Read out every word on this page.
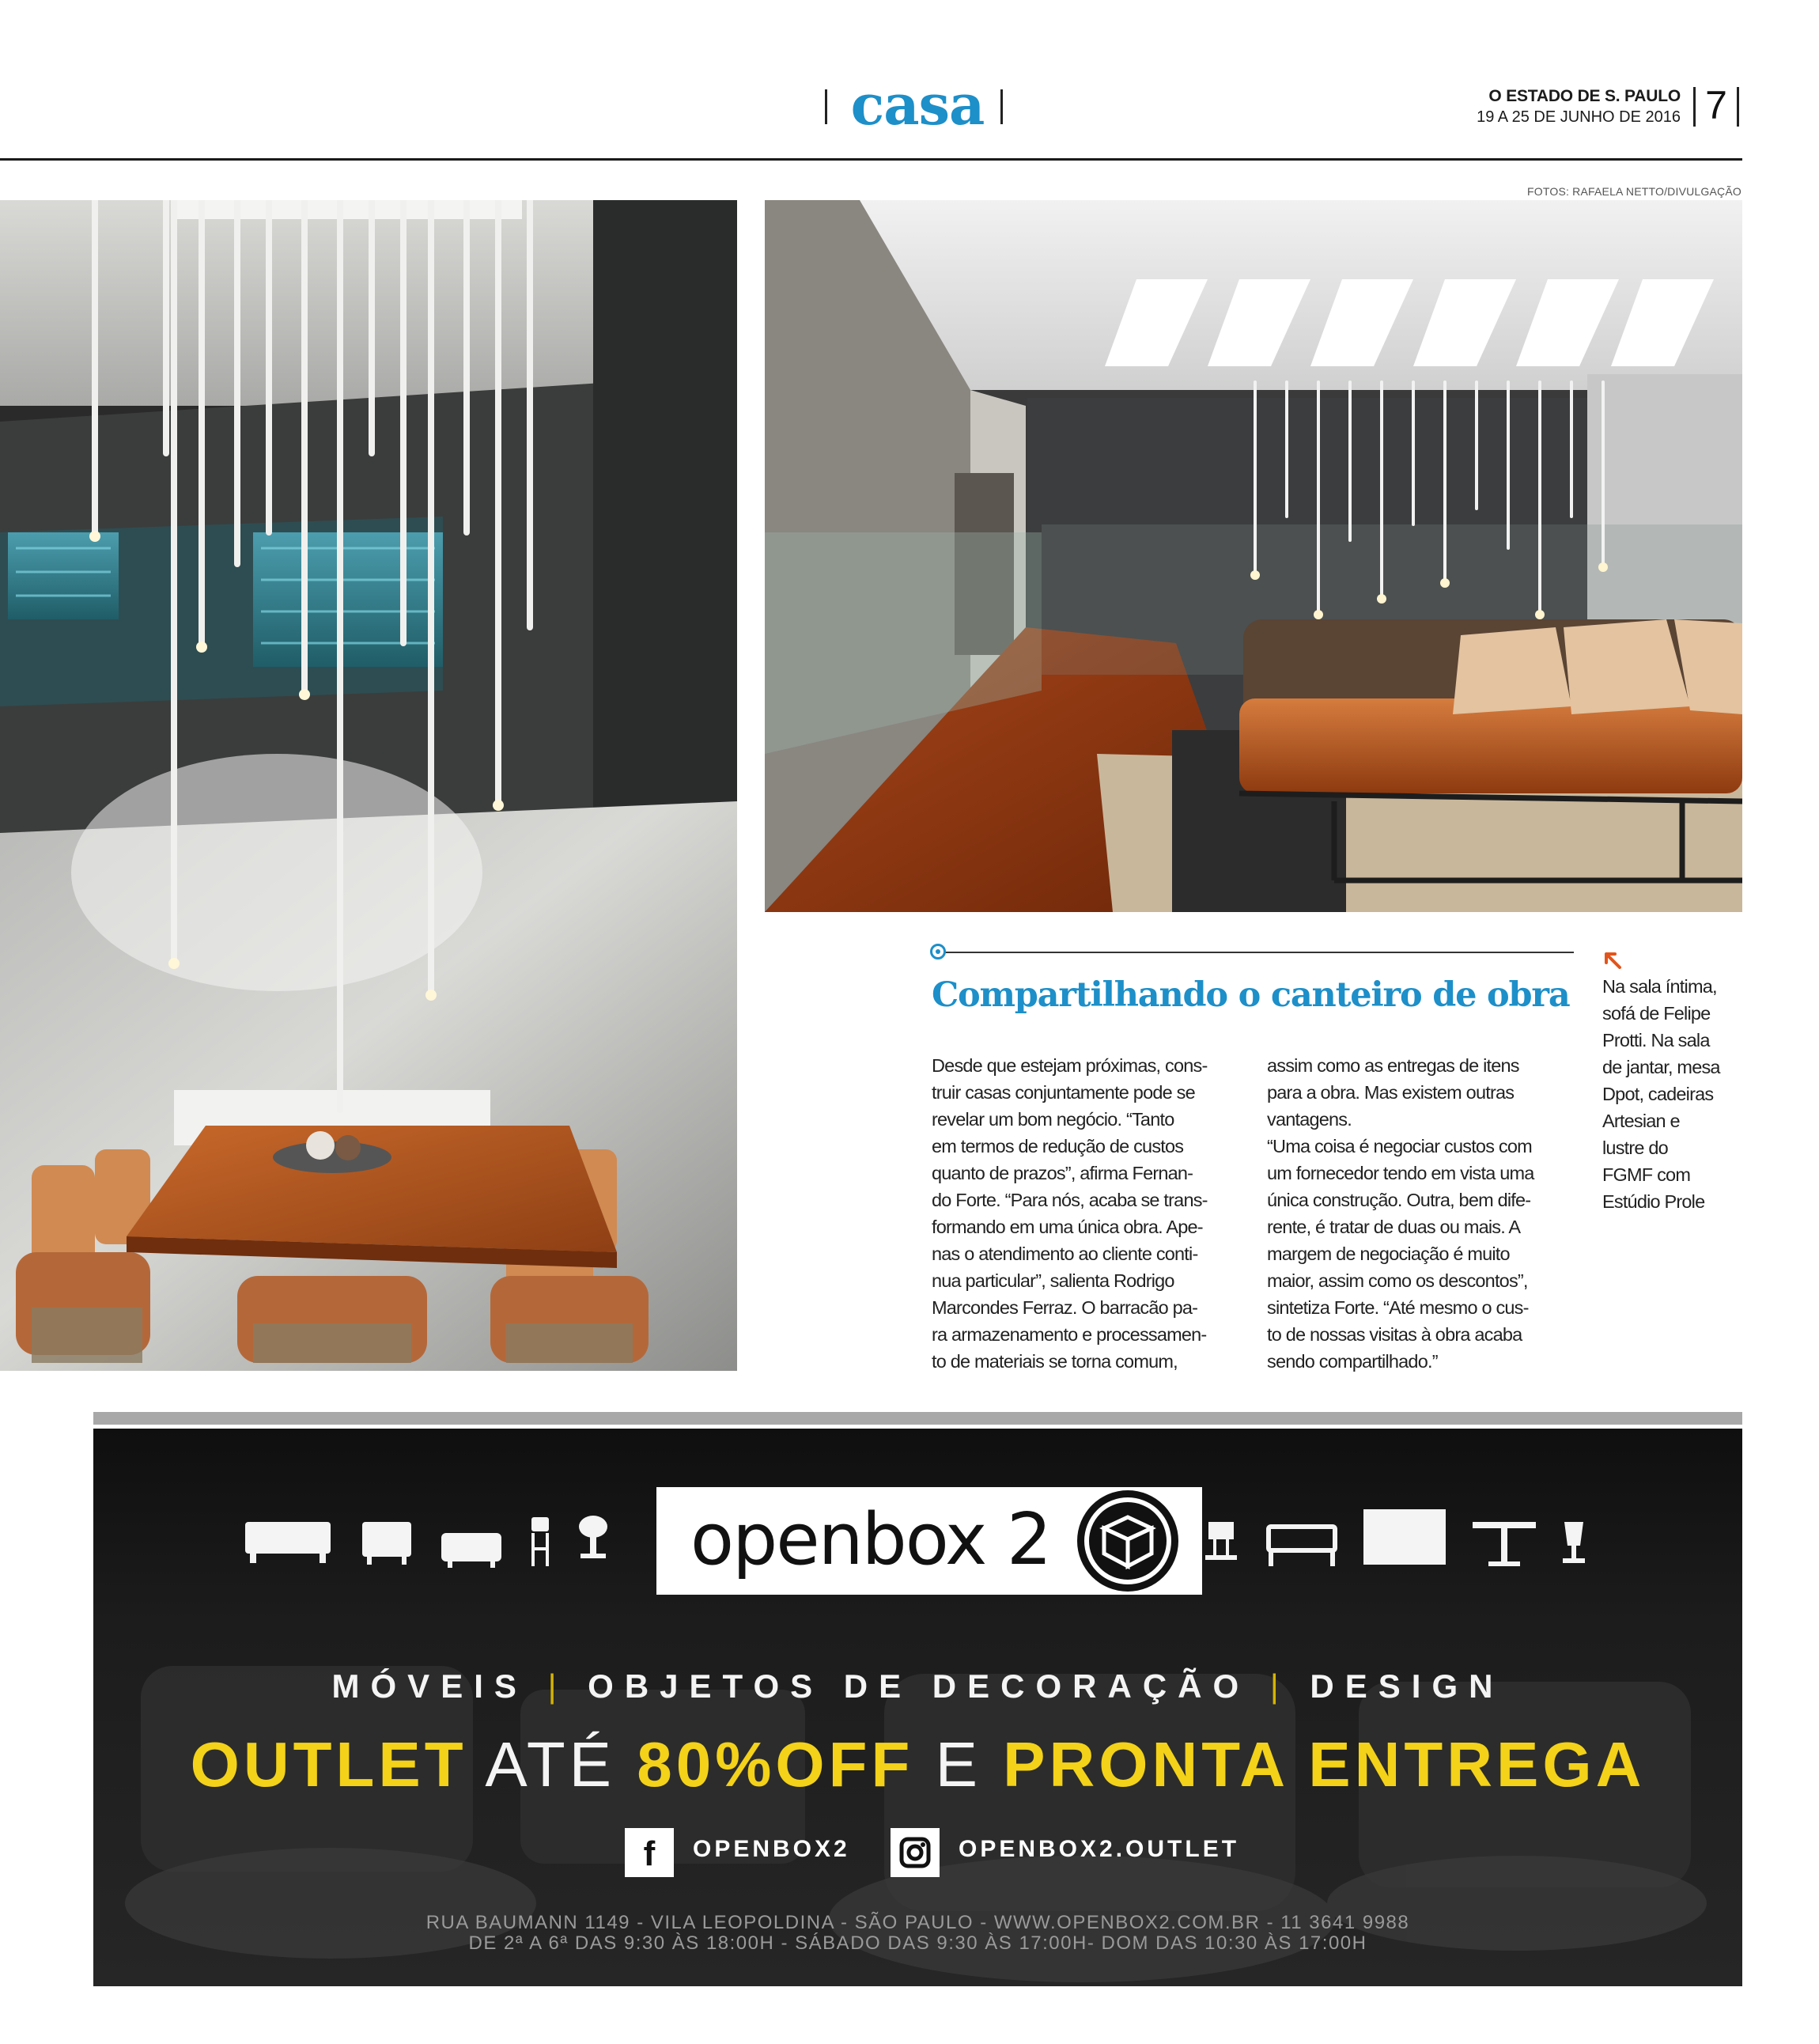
casa	O ESTADO DE S. PAULO
19 A 25 DE JUNHO DE 2016 7
FOTOS: RAFAELA NETTO/DIVULGAÇÃO
Compartilhando o canteiro de obra

Desde que estejam próximas, cons-

truir casas conjuntamente pode se

revelar um bom negócio. “Tanto

em termos de redução de custos

quanto de prazos”, afirma Fernan-

do Forte. “Para nós, acaba se trans-

formando em uma única obra. Ape-

nas o atendimento ao cliente conti-

nua particular”, salienta Rodrigo

Marcondes Ferraz. O barracão pa-

ra armazenamento e processamen-

to de materiais se torna comum,

assim como as entregas de itens

para a obra. Mas existem outras

vantagens.

“Uma coisa é negociar custos com

um fornecedor tendo em vista uma

única construção. Outra, bem dife-

rente, é tratar de duas ou mais. A

margem de negociação é muito

maior, assim como os descontos”,

sintetiza Forte. “Até mesmo o cus-

to de nossas visitas à obra acaba

sendo compartilhado.”

Na sala íntima,
sofá de Felipe
Protti. Na sala
de jantar, mesa
Dpot, cadeiras
Artesian e
lustre do
FGMF com
Estúdio Prole
openbox 2
MÓVEIS | OBJETOS DE DECORAÇÃO | DESIGN
OUTLET ATÉ 80%OFF E PRONTA ENTREGA
f	OPENBOX2	OPENBOX2.OUTLET
RUA BAUMANN 1149 - VILA LEOPOLDINA - SÃO PAULO - WWW.OPENBOX2.COM.BR - 11 3641 9988
DE 2ª A 6ª DAS 9:30 ÀS 18:00H - SÁBADO DAS 9:30 ÀS 17:00H- DOM DAS 10:30 ÀS 17:00H
